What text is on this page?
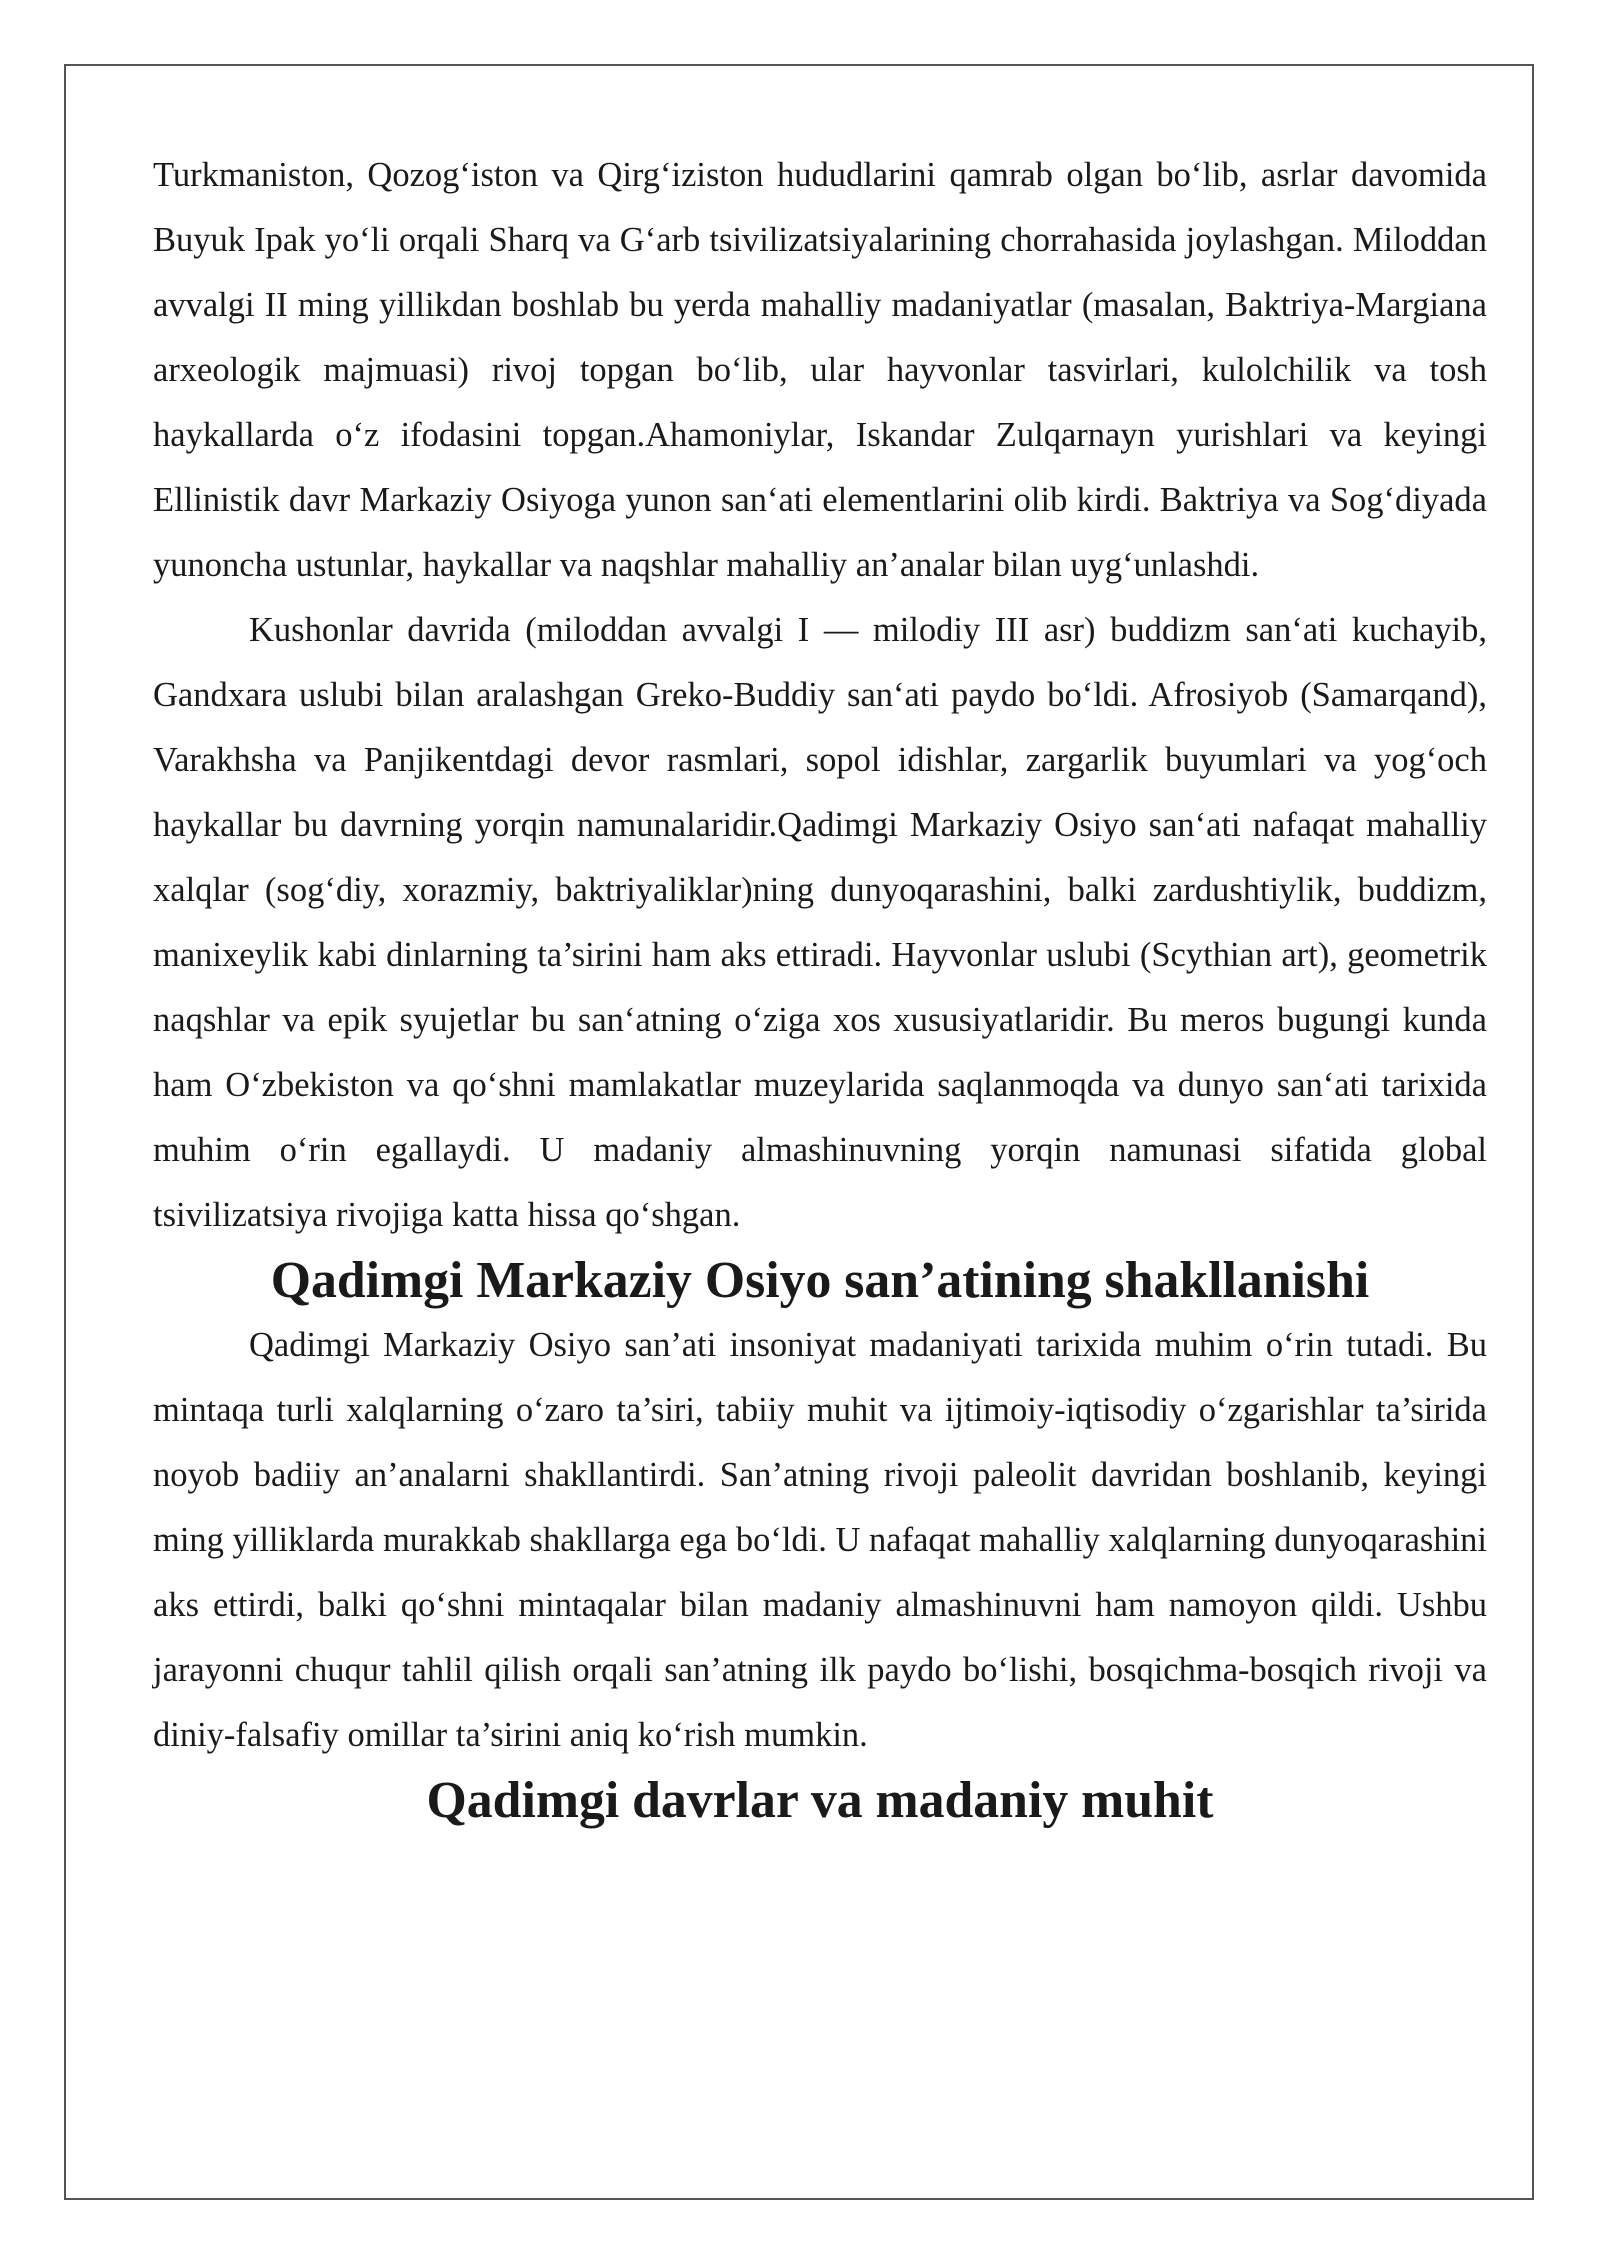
Turkmaniston, Qozog‘iston va Qirg‘iziston hududlarini qamrab olgan bo‘lib, asrlar davomida Buyuk Ipak yo‘li orqali Sharq va G‘arb tsivilizatsiyalarining chorrahasida joylashgan. Miloddan avvalgi II ming yillikdan boshlab bu yerda mahalliy madaniyatlar (masalan, Baktriya-Margiana arxeologik majmuasi) rivoj topgan bo‘lib, ular hayvonlar tasvirlari, kulolchilik va tosh haykallarda o‘z ifodasini topgan.Ahamoniylar, Iskandar Zulqarnayn yurishlari va keyingi Ellinistik davr Markaziy Osiyoga yunon san‘ati elementlarini olib kirdi. Baktriya va Sog‘diyada yunoncha ustunlar, haykallar va naqshlar mahalliy an’analar bilan uyg‘unlashdi.

Kushonlar davrida (miloddan avvalgi I — milodiy III asr) buddizm san‘ati kuchayib, Gandxara uslubi bilan aralashgan Greko-Buddiy san‘ati paydo bo‘ldi. Afrosiyob (Samarqand), Varakhsha va Panjikentdagi devor rasmlari, sopol idishlar, zargarlik buyumlari va yog‘och haykallar bu davrning yorqin namunalaridir.Qadimgi Markaziy Osiyo san‘ati nafaqat mahalliy xalqlar (sog‘diy, xorazmiy, baktriyaliklar)ning dunyoqarashini, balki zardushtiylik, buddizm, manixeylik kabi dinlarning ta’sirini ham aks ettiradi. Hayvonlar uslubi (Scythian art), geometrik naqshlar va epik syujetlar bu san‘atning o‘ziga xos xususiyatlaridir. Bu meros bugungi kunda ham O‘zbekiston va qo‘shni mamlakatlar muzeylarida saqlanmoqda va dunyo san‘ati tarixida muhim o‘rin egallaydi. U madaniy almashinuvning yorqin namunasi sifatida global tsivilizatsiya rivojiga katta hissa qo‘shgan.

Qadimgi Markaziy Osiyo san’atining shakllanishi

Qadimgi Markaziy Osiyo san’ati insoniyat madaniyati tarixida muhim o‘rin tutadi. Bu mintaqa turli xalqlarning o‘zaro ta’siri, tabiiy muhit va ijtimoiy-iqtisodiy o‘zgarishlar ta’sirida noyob badiiy an’analarni shakllantirdi. San’atning rivoji paleolit davridan boshlanib, keyingi ming yilliklarda murakkab shakllarga ega bo‘ldi. U nafaqat mahalliy xalqlarning dunyoqarashini aks ettirdi, balki qo‘shni mintaqalar bilan madaniy almashinuvni ham namoyon qildi. Ushbu jarayonni chuqur tahlil qilish orqali san’atning ilk paydo bo‘lishi, bosqichma-bosqich rivoji va diniy-falsafiy omillar ta’sirini aniq ko‘rish mumkin.

Qadimgi davrlar va madaniy muhit
